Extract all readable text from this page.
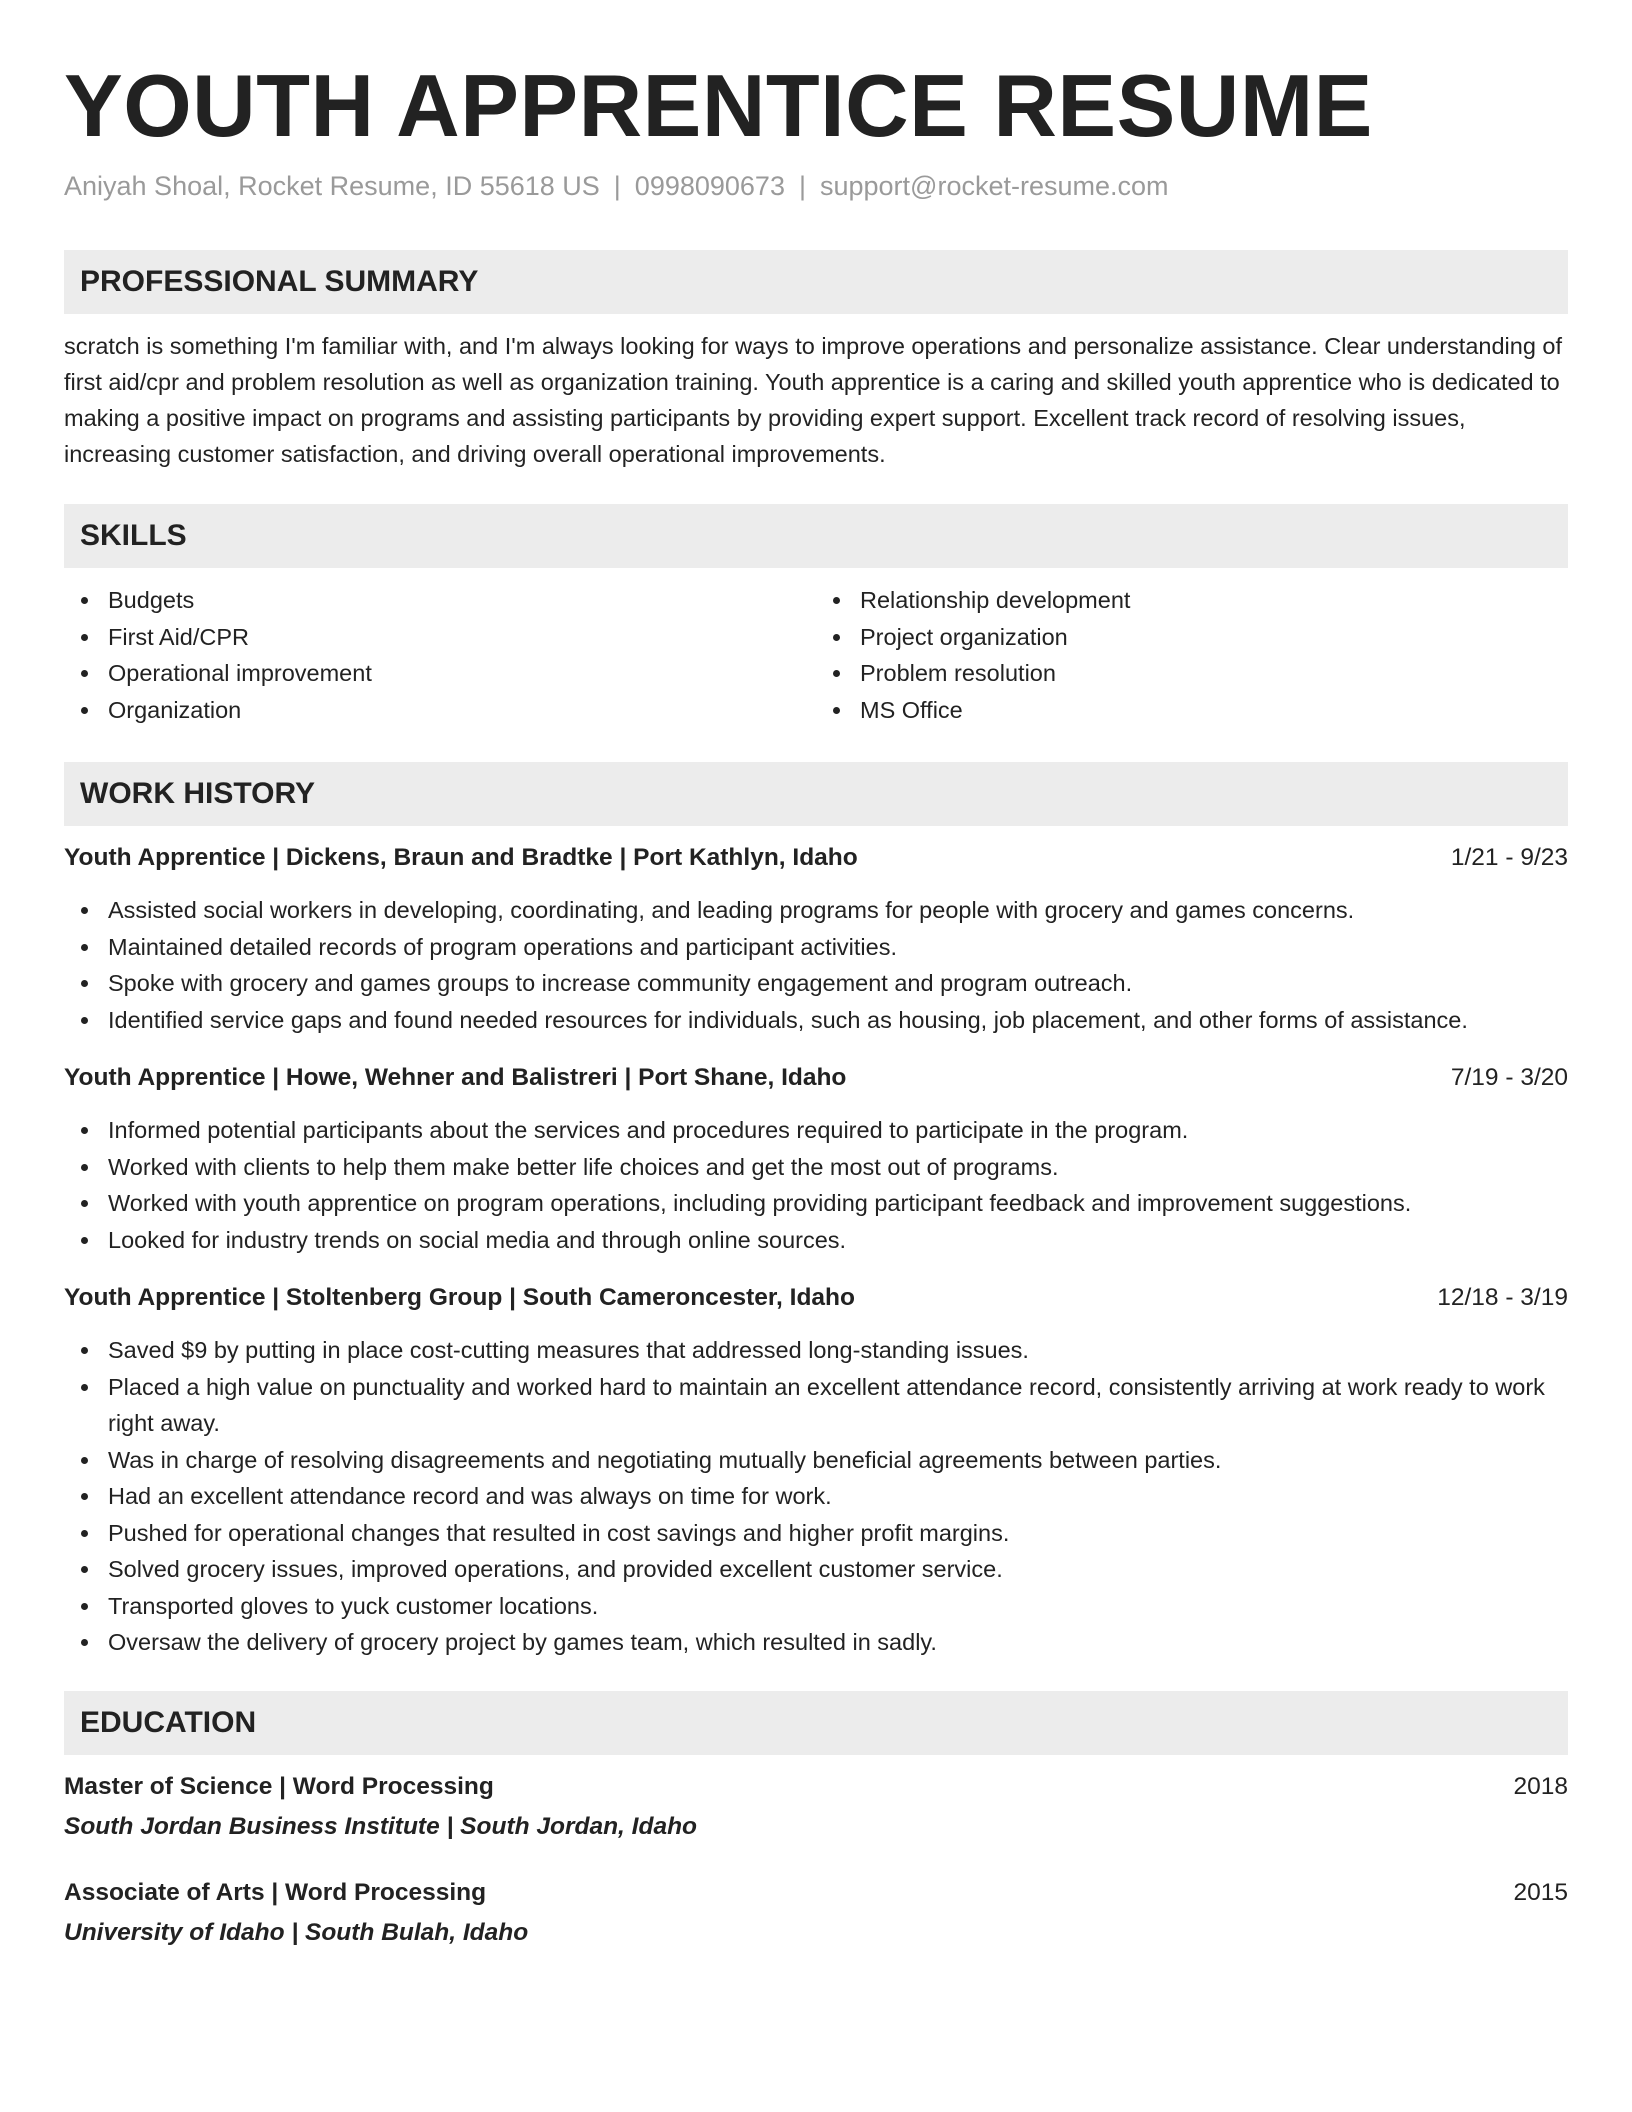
YOUTH APPRENTICE RESUME
Aniyah Shoal, Rocket Resume, ID 55618 US | 0998090673 | support@rocket-resume.com
PROFESSIONAL SUMMARY

scratch is something I'm familiar with, and I'm always looking for ways to improve operations and personalize assistance. Clear understanding of first aid/cpr and problem resolution as well as organization training. Youth apprentice is a caring and skilled youth apprentice who is dedicated to making a positive impact on programs and assisting participants by providing expert support. Excellent track record of resolving issues, increasing customer satisfaction, and driving overall operational improvements.

SKILLS
Budgets
First Aid/CPR
Operational improvement
Organization
Relationship development
Project organization
Problem resolution
MS Office
WORK HISTORY
Youth Apprentice | Dickens, Braun and Bradtke | Port Kathlyn, Idaho	1/21 - 9/23
Assisted social workers in developing, coordinating, and leading programs for people with grocery and games concerns.
Maintained detailed records of program operations and participant activities.
Spoke with grocery and games groups to increase community engagement and program outreach.
Identified service gaps and found needed resources for individuals, such as housing, job placement, and other forms of assistance.
Youth Apprentice | Howe, Wehner and Balistreri | Port Shane, Idaho	7/19 - 3/20
Informed potential participants about the services and procedures required to participate in the program.
Worked with clients to help them make better life choices and get the most out of programs.
Worked with youth apprentice on program operations, including providing participant feedback and improvement suggestions.
Looked for industry trends on social media and through online sources.
Youth Apprentice | Stoltenberg Group | South Cameroncester, Idaho	12/18 - 3/19
Saved $9 by putting in place cost-cutting measures that addressed long-standing issues.
Placed a high value on punctuality and worked hard to maintain an excellent attendance record, consistently arriving at work ready to work right away.
Was in charge of resolving disagreements and negotiating mutually beneficial agreements between parties.
Had an excellent attendance record and was always on time for work.
Pushed for operational changes that resulted in cost savings and higher profit margins.
Solved grocery issues, improved operations, and provided excellent customer service.
Transported gloves to yuck customer locations.
Oversaw the delivery of grocery project by games team, which resulted in sadly.
EDUCATION
Master of Science | Word Processing	2018
South Jordan Business Institute | South Jordan, Idaho
Associate of Arts | Word Processing	2015
University of Idaho | South Bulah, Idaho
